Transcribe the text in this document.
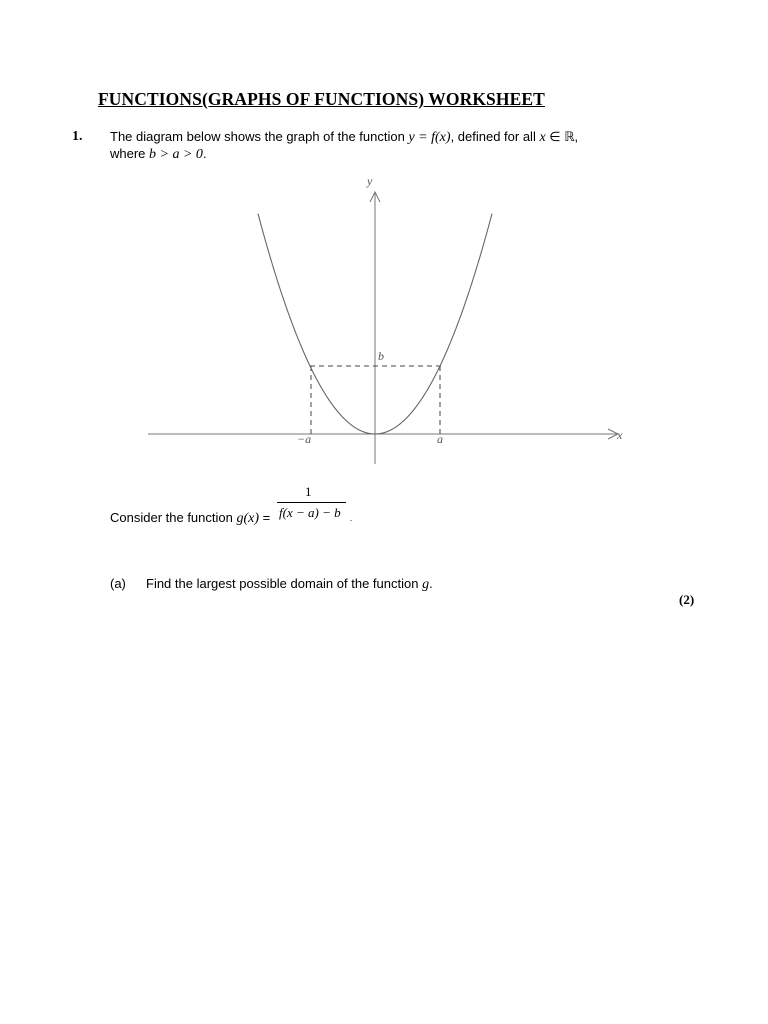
FUNCTIONS(GRAPHS OF FUNCTIONS) WORKSHEET
1. The diagram below shows the graph of the function y = f(x), defined for all x ∈ ℝ,
where b > a > 0.
y
x
b
−a	a
1
f(x − a) − b .
Consider the function g(x) =
(a) Find the largest possible domain of the function g.
(2)
